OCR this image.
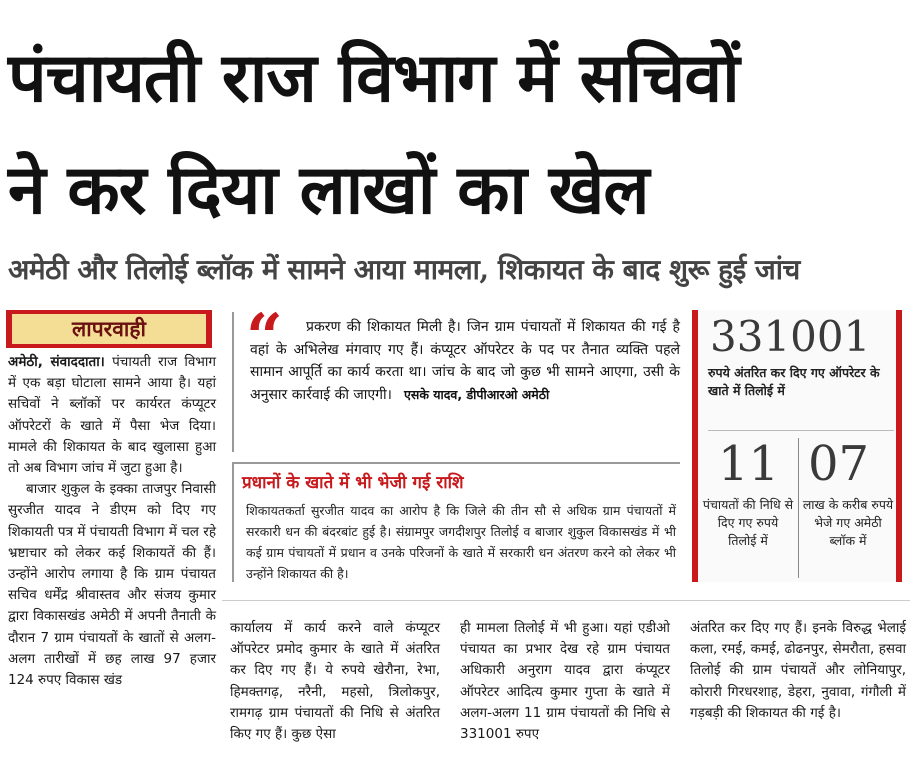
पंचायती राज विभाग में सचिवों
ने कर दिया लाखों का खेल
अमेठी और तिलोई ब्लॉक में सामने आया मामला, शिकायत के बाद शुरू हुई जांच
लापरवाही

अमेठी, संवाददाता। पंचायती राज विभाग में एक बड़ा घोटाला सामने आया है। यहां सचिवों ने ब्लॉकों पर कार्यरत कंप्यूटर ऑपरेटरों के खाते में पैसा भेज दिया। मामले की शिकायत के बाद खुलासा हुआ तो अब विभाग जांच में जुटा हुआ है।

बाजार शुकुल के इक्का ताजपुर निवासी सुरजीत यादव ने डीएम को दिए गए शिकायती पत्र में पंचायती विभाग में चल रहे भ्रष्टाचार को लेकर कई शिकायतें की हैं। उन्होंने आरोप लगाया है कि ग्राम पंचायत सचिव धर्मेंद्र श्रीवास्तव और संजय कुमार द्वारा विकासखंड अमेठी में अपनी तैनाती के दौरान 7 ग्राम पंचायतों के खातों से अलग-अलग तारीखों में छह लाख 97 हजार 124 रुपए विकास खंड

“	प्रकरण की शिकायत मिली है। जिन ग्राम पंचायतों में शिकायत की गई है वहां के अभिलेख मंगवाए गए हैं। कंप्यूटर ऑपरेटर के पद पर तैनात व्यक्ति पहले सामान आपूर्ति का कार्य करता था। जांच के बाद जो कुछ भी सामने आएगा, उसी के अनुसार कार्रवाई की जाएगी। एसके यादव, डीपीआरओ अमेठी
प्रधानों के खाते में भी भेजी गई राशि
शिकायतकर्ता सुरजीत यादव का आरोप है कि जिले की तीन सौ से अधिक ग्राम पंचायतों में सरकारी धन की बंदरबांट हुई है। संग्रामपुर जगदीशपुर तिलोई व बाजार शुकुल विकासखंड में भी कई ग्राम पंचायतों में प्रधान व उनके परिजनों के खाते में सरकारी धन अंतरण करने को लेकर भी उन्होंने शिकायत की है।
331001
रुपये अंतरित कर दिए गए ऑपरेटर के खाते में तिलोई में
11
पंचायतों की निधि से दिए गए रुपये तिलोई में
07
लाख के करीब रुपये भेजे गए अमेठी ब्लॉक में

कार्यालय में कार्य करने वाले कंप्यूटर ऑपरेटर प्रमोद कुमार के खाते में अंतरित कर दिए गए हैं। ये रुपये खेरौना, रेभा, हिमक्तगढ़, नरैनी, महसो, त्रिलोकपुर, रामगढ़ ग्राम पंचायतों की निधि से अंतरित किए गए हैं। कुछ ऐसा

ही मामला तिलोई में भी हुआ। यहां एडीओ पंचायत का प्रभार देख रहे ग्राम पंचायत अधिकारी अनुराग यादव द्वारा कंप्यूटर ऑपरेटर आदित्य कुमार गुप्ता के खाते में अलग-अलग 11 ग्राम पंचायतों की निधि से 331001 रुपए

अंतरित कर दिए गए हैं। इनके विरुद्ध भेलाई कला, रमई, कमई, ढोढनपुर, सेमरौता, हसवा तिलोई की ग्राम पंचायतें और लोनियापुर, कोरारी गिरधरशाह, डेहरा, नुवावा, गंगौली में गड़बड़ी की शिकायत की गई है।
